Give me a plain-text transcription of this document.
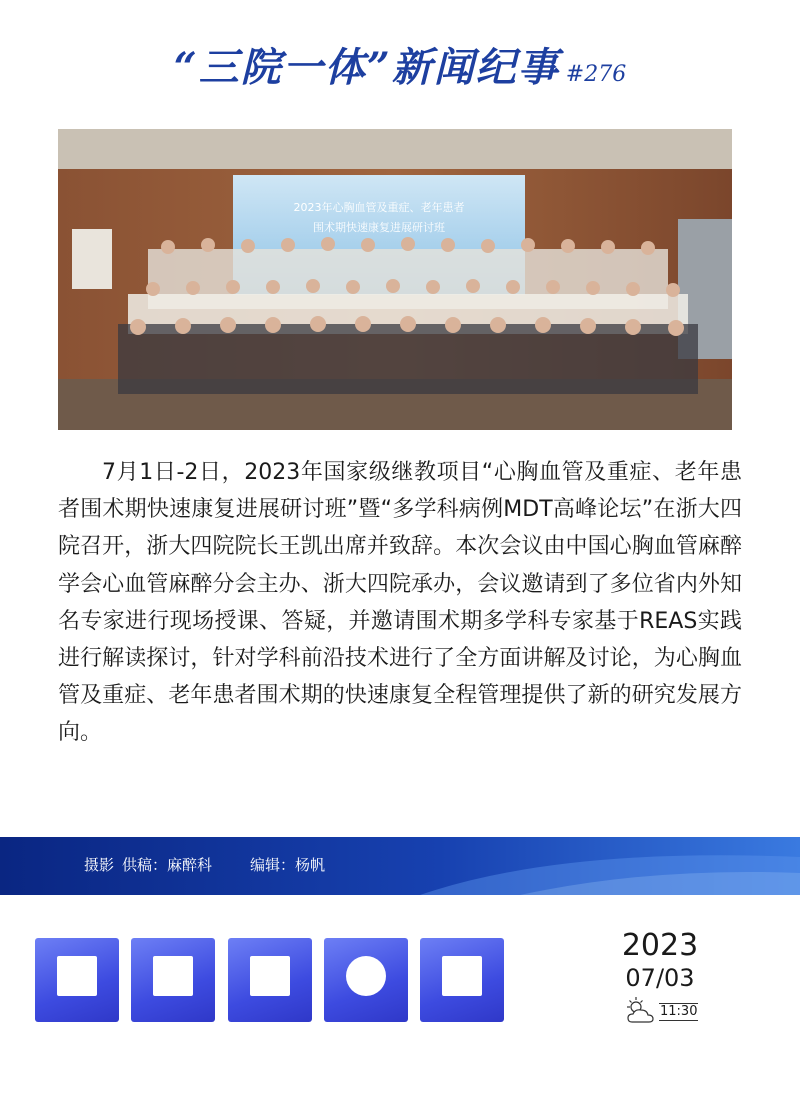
“三院一体”新闻纪事 #276
2023年心胸血管及重症、老年患者
围术期快速康复进展研讨班
7月1日-2日，2023年国家级继教项目“心胸血管及重症、老年患者围术期快速康复进展研讨班”暨“多学科病例MDT高峰论坛”在浙大四院召开，浙大四院院长王凯出席并致辞。本次会议由中国心胸血管麻醉学会心血管麻醉分会主办、浙大四院承办，会议邀请到了多位省内外知名专家进行现场授课、答疑，并邀请围术期多学科专家基于REAS实践进行解读探讨，针对学科前沿技术进行了全方面讲解及讨论，为心胸血管及重症、老年患者围术期的快速康复全程管理提供了新的研究发展方向。
摄影 供稿：麻醉科	编辑：杨帆
2023
07/03
11:30
